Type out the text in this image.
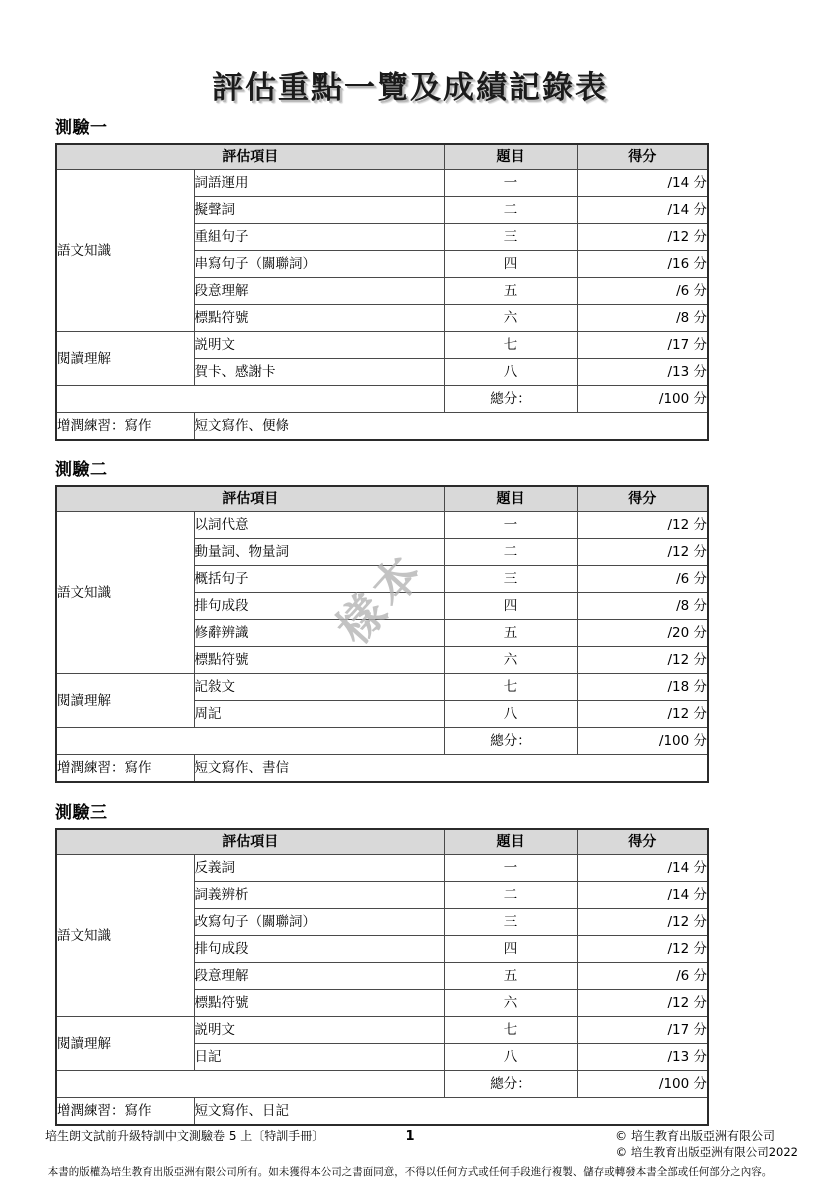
評估重點一覽及成績記錄表
測驗一
評估項目		題目	得分
語文知識	詞語運用	一	/14 分
	擬聲詞	二	/14 分
	重組句子	三	/12 分
	串寫句子（關聯詞）	四	/16 分
	段意理解	五	/6 分
	標點符號	六	/8 分
閱讀理解	説明文	七	/17 分
	賀卡、感謝卡	八	/13 分
		總分：	/100 分
增潤練習：寫作	短文寫作、便條		
測驗二
評估項目		題目	得分
語文知識	以詞代意	一	/12 分
	動量詞、物量詞	二	/12 分
	概括句子	三	/6 分
	排句成段	四	/8 分
	修辭辨識	五	/20 分
	標點符號	六	/12 分
閱讀理解	記敍文	七	/18 分
	周記	八	/12 分
		總分：	/100 分
增潤練習：寫作	短文寫作、書信		
測驗三
評估項目		題目	得分
語文知識	反義詞	一	/14 分
	詞義辨析	二	/14 分
	改寫句子（關聯詞）	三	/12 分
	排句成段	四	/12 分
	段意理解	五	/6 分
	標點符號	六	/12 分
閱讀理解	説明文	七	/17 分
	日記	八	/13 分
		總分：	/100 分
增潤練習：寫作	短文寫作、日記		
樣本
培生朗文試前升級特訓中文測驗卷 5 上〔特訓手冊〕	1	© 培生教育出版亞洲有限公司
© 培生教育出版亞洲有限公司2022
本書的版權為培生教育出版亞洲有限公司所有。如未獲得本公司之書面同意，不得以任何方式或任何手段進行複製、儲存或轉發本書全部或任何部分之內容。
